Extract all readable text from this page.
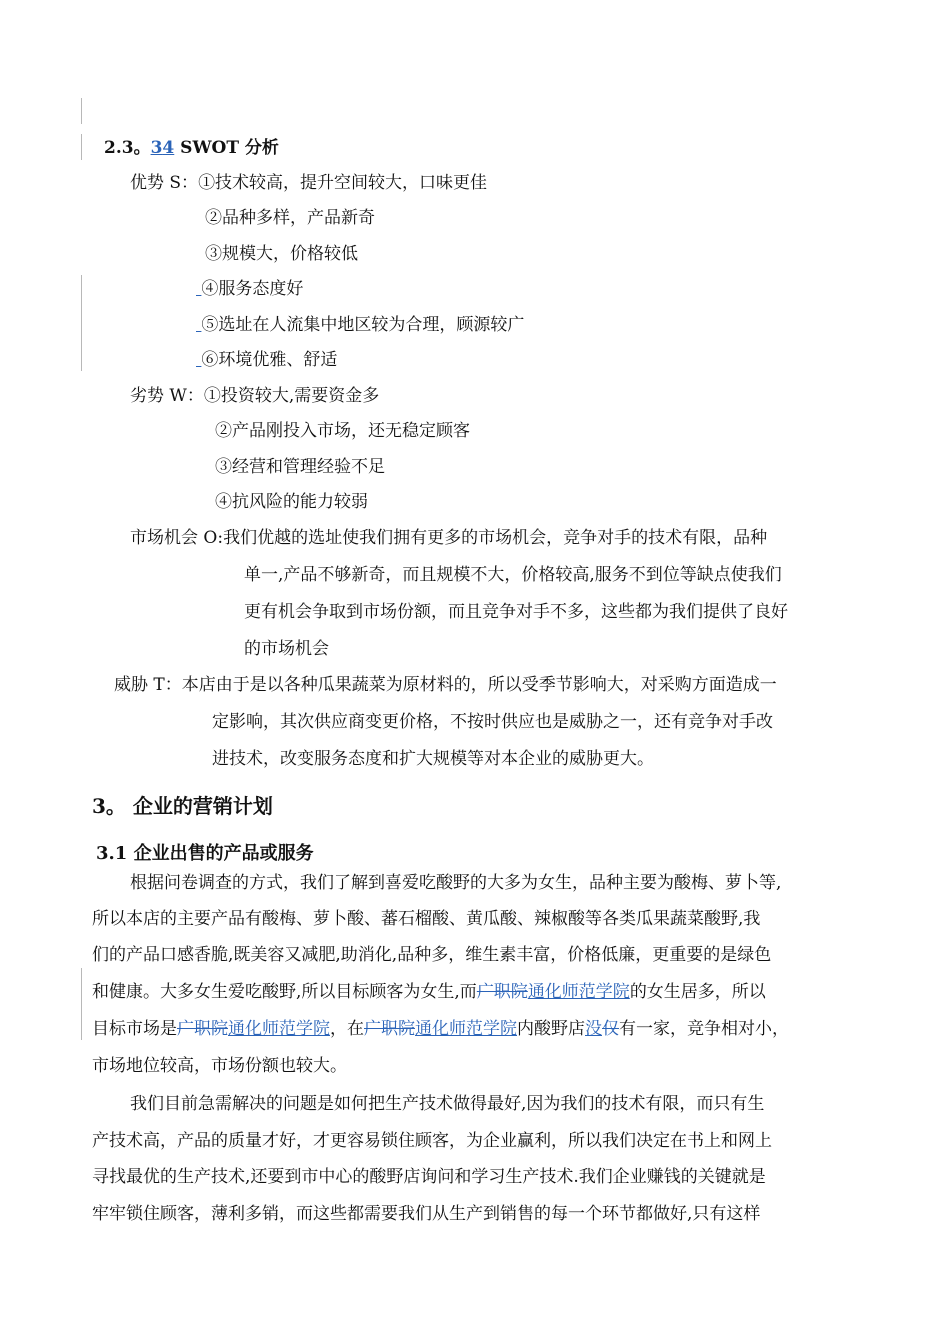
2.3。34 SWOT 分析
优势 S：①技术较高，提升空间较大，口味更佳
②品种多样，产品新奇
③规模大，价格较低
④服务态度好
⑤选址在人流集中地区较为合理，顾源较广
⑥环境优雅、舒适
劣势 W：①投资较大,需要资金多
②产品刚投入市场，还无稳定顾客
③经营和管理经验不足
④抗风险的能力较弱
市场机会 O:我们优越的选址使我们拥有更多的市场机会，竞争对手的技术有限，品种
单一,产品不够新奇，而且规模不大，价格较高,服务不到位等缺点使我们
更有机会争取到市场份额，而且竞争对手不多，这些都为我们提供了良好
的市场机会
威胁 T：本店由于是以各种瓜果蔬菜为原材料的，所以受季节影响大，对采购方面造成一
定影响，其次供应商变更价格，不按时供应也是威胁之一，还有竞争对手改
进技术，改变服务态度和扩大规模等对本企业的威胁更大。
3。 企业的营销计划
3.1 企业出售的产品或服务
根据问卷调查的方式，我们了解到喜爱吃酸野的大多为女生，品种主要为酸梅、萝卜等,
所以本店的主要产品有酸梅、萝卜酸、蕃石榴酸、黄瓜酸、辣椒酸等各类瓜果蔬菜酸野,我
们的产品口感香脆,既美容又减肥,助消化,品种多，维生素丰富，价格低廉，更重要的是绿色
和健康。大多女生爱吃酸野,所以目标顾客为女生,而广职院通化师范学院的女生居多，所以
目标市场是广职院通化师范学院，在广职院通化师范学院内酸野店没仅有一家，竞争相对小，
市场地位较高，市场份额也较大。
我们目前急需解决的问题是如何把生产技术做得最好,因为我们的技术有限，而只有生
产技术高，产品的质量才好，才更容易锁住顾客，为企业赢利，所以我们决定在书上和网上
寻找最优的生产技术,还要到市中心的酸野店询问和学习生产技术.我们企业赚钱的关键就是
牢牢锁住顾客，薄利多销，而这些都需要我们从生产到销售的每一个环节都做好,只有这样
